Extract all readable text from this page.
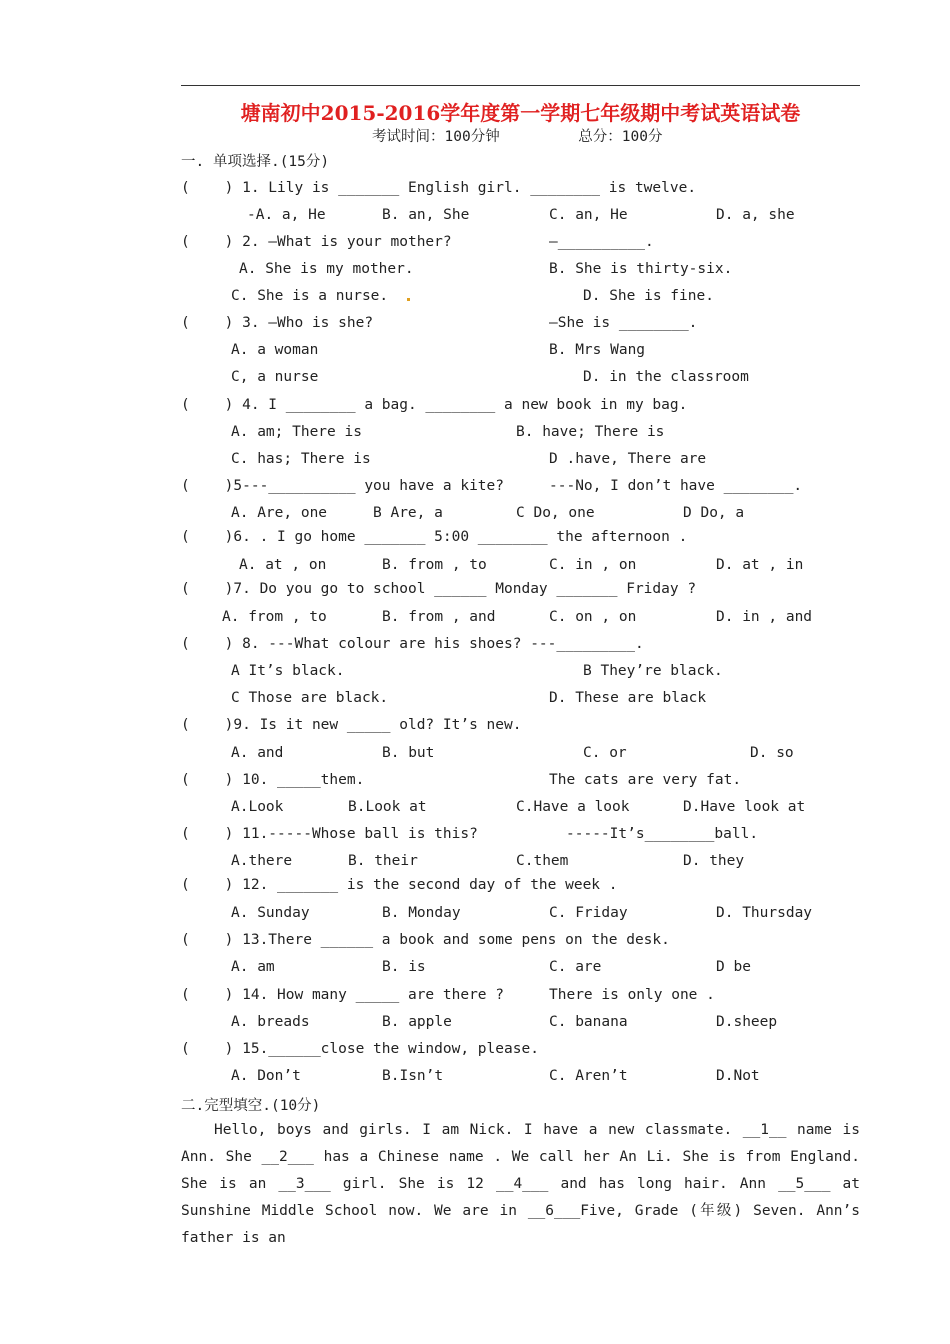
塘南初中2015-2016学年度第一学期七年级期中考试英语试卷
考试时间：100分钟         总分：100分
一. 单项选择.(15分)
(    ) 1. Lily is _______ English girl. ________ is twelve.
-A. a, He	B. an, She	C. an, He	D. a, she
(    ) 2. —What is your mother?	—__________.
A. She is my mother.	B. She is thirty-six.
C. She is a nurse.	D. She is fine.
(    ) 3. —Who is she?	—She is ________.
A. a woman	B. Mrs Wang
C, a nurse	D. in the classroom
(    ) 4. I ________ a bag. ________ a new book in my bag.
A. am; There is	B. have; There is
C. has; There is	D .have, There are
(    )5---__________ you have a kite?	---No, I don’t have ________.
A. Are, one	B Are, a	C Do, one	D Do, a
(    )6. . I go home _______ 5:00 ________ the afternoon .
A. at , on	B. from , to	C. in , on	D. at , in
(    )7. Do you go to school ______ Monday _______ Friday ?
A. from , to	B. from , and	C. on , on	D. in , and
(    ) 8. ---What colour are his shoes? ---_________.
A It’s black.	B They’re black.
C Those are black.	D. These are black
(    )9. Is it new _____ old? It’s new.
A. and	B. but	C. or	D. so
(    ) 10. _____them.	The cats are very fat.
A.Look	B.Look at	C.Have a look	D.Have look at
(    ) 11.-----Whose ball is this?	-----It’s________ball.
A.there	B. their	C.them	D. they
(    ) 12. _______ is the second day of the week .
A. Sunday	B. Monday	C. Friday	D. Thursday
(    ) 13.There ______ a book and some pens on the desk.
A. am	B. is	C. are	D be
(    ) 14. How many _____ are there ?	There is only one .
A. breads	B. apple	C. banana	D.sheep
(    ) 15.______close the window, please.
A. Don’t	B.Isn’t	C. Aren’t	D.Not
二.完型填空.(10分)

Hello, boys and girls. I am Nick. I have a new classmate. __1__ name is Ann. She __2___ has a Chinese name . We call her An Li. She is from England. She is an __3___ girl. She is 12 __4___ and has long hair. Ann __5___ at Sunshine Middle School now. We are in __6___Five, Grade (年级) Seven. Ann’s father is an
